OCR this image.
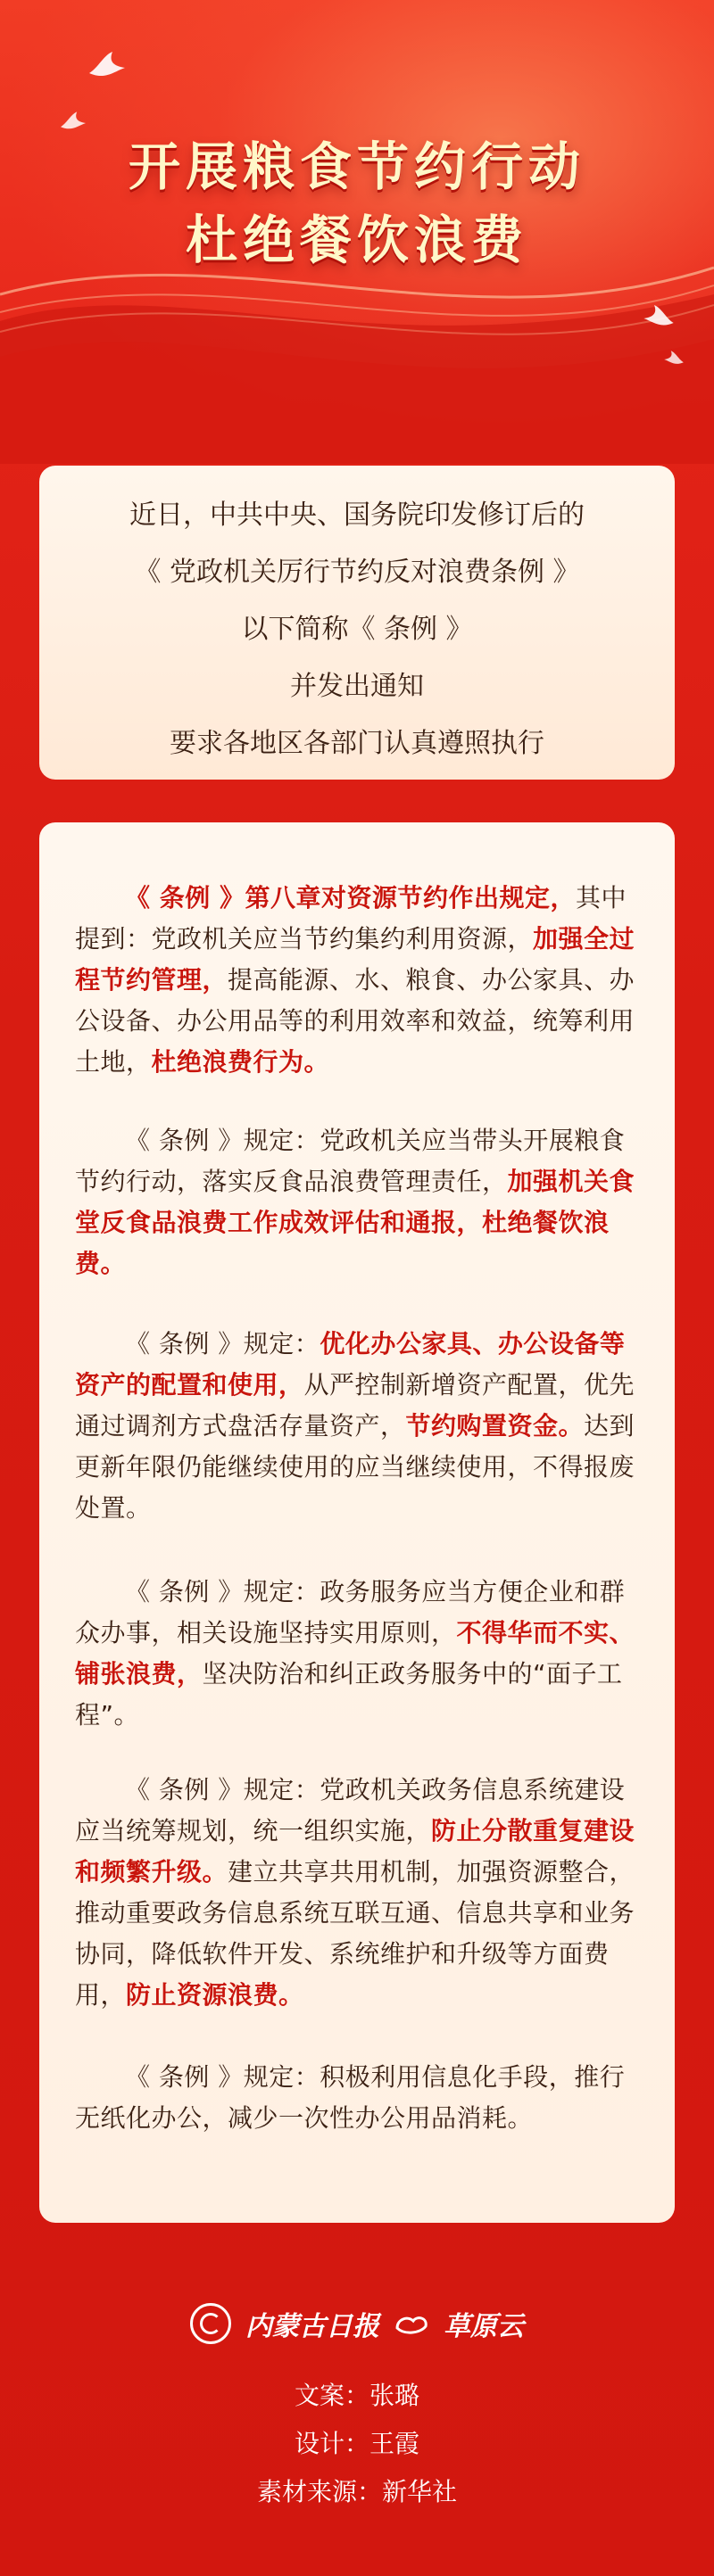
开展粮食节约行动
杜绝餐饮浪费
近日，中共中央、国务院印发修订后的
《 党政机关厉行节约反对浪费条例 》
以下简称《 条例 》
并发出通知
要求各地区各部门认真遵照执行
《 条例 》第八章对资源节约作出规定，其中提到：党政机关应当节约集约利用资源，加强全过程节约管理，提高能源、水、粮食、办公家具、办公设备、办公用品等的利用效率和效益，统筹利用土地，杜绝浪费行为。
《 条例 》规定：党政机关应当带头开展粮食节约行动，落实反食品浪费管理责任，加强机关食堂反食品浪费工作成效评估和通报，杜绝餐饮浪费。
《 条例 》规定：优化办公家具、办公设备等资产的配置和使用，从严控制新增资产配置，优先通过调剂方式盘活存量资产，节约购置资金。达到更新年限仍能继续使用的应当继续使用，不得报废处置。
《 条例 》规定：政务服务应当方便企业和群众办事，相关设施坚持实用原则，不得华而不实、铺张浪费，坚决防治和纠正政务服务中的“面子工程”。
《 条例 》规定：党政机关政务信息系统建设应当统筹规划，统一组织实施，防止分散重复建设和频繁升级。建立共享共用机制，加强资源整合，推动重要政务信息系统互联互通、信息共享和业务协同，降低软件开发、系统维护和升级等方面费用，防止资源浪费。
《 条例 》规定：积极利用信息化手段，推行无纸化办公，减少一次性办公用品消耗。
内蒙古日报 草原云
文案：张璐
设计：王霞
素材来源：新华社
